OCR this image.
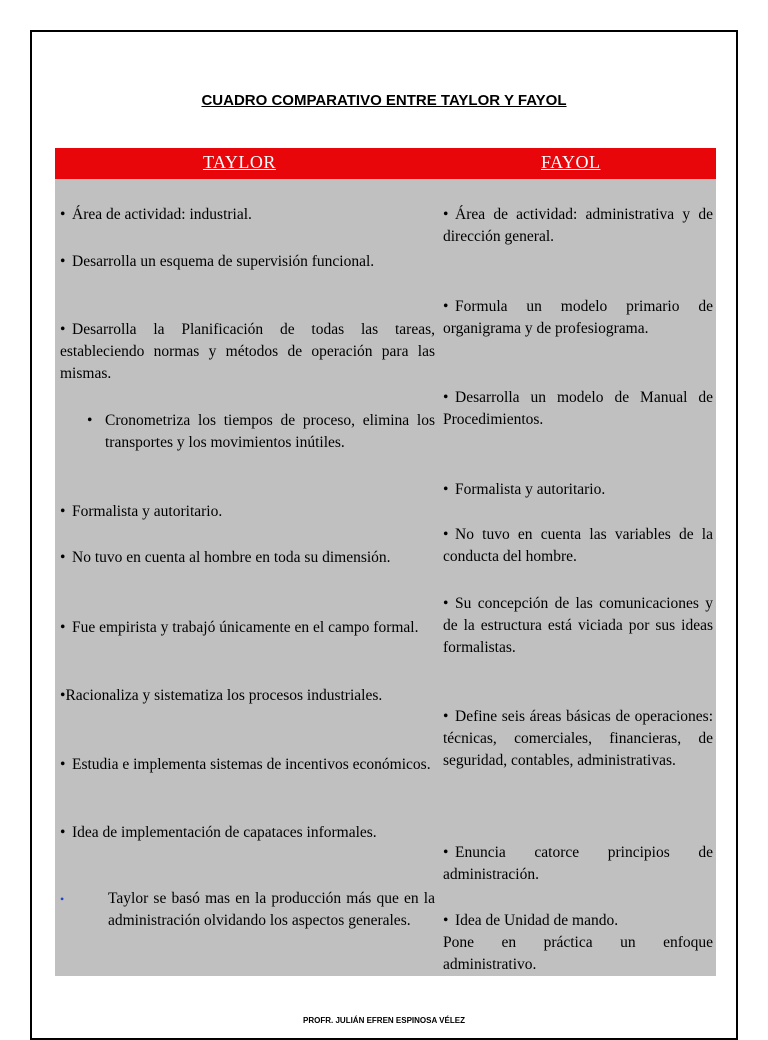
CUADRO COMPARATIVO ENTRE TAYLOR Y FAYOL
TAYLOR	FAYOL
• Área de actividad: industrial.
• Desarrolla un esquema de supervisión funcional.
• Desarrolla la Planificación de todas las tareas, estableciendo normas y métodos de operación para las mismas.
• Cronometriza los tiempos de proceso, elimina los transportes y los movimientos inútiles.
• Formalista y autoritario.
• No tuvo en cuenta al hombre en toda su dimensión.
• Fue empirista y trabajó únicamente en el campo formal.
•Racionaliza y sistematiza los procesos industriales.
• Estudia e implementa sistemas de incentivos económicos.
• Idea de implementación de capataces informales.
•	Taylor se basó mas en la producción más que en la administración olvidando los aspectos generales.
• Área de actividad: administrativa y de dirección general.
• Formula un modelo primario de organigrama y de profesiograma.
• Desarrolla un modelo de Manual de Procedimientos.
• Formalista y autoritario.
• No tuvo en cuenta las variables de la conducta del hombre.
• Su concepción de las comunicaciones y de la estructura está viciada por sus ideas formalistas.
• Define seis áreas básicas de operaciones: técnicas, comerciales, financieras, de seguridad, contables, administrativas.
• Enuncia catorce principios de administración.
• Idea de Unidad de mando.
Pone en práctica un enfoque administrativo.
PROFR. JULIÁN EFREN ESPINOSA VÉLEZ
